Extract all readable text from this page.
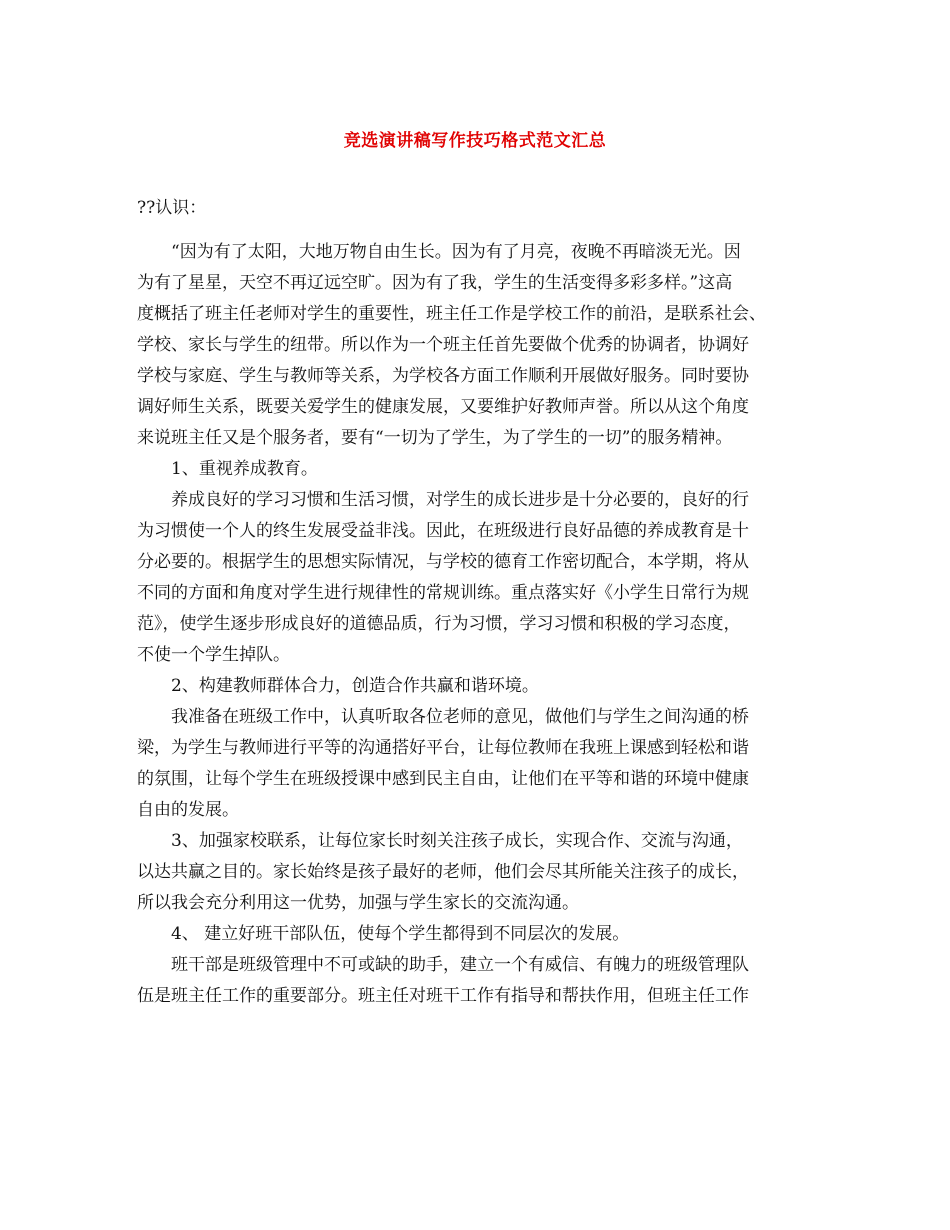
竞选演讲稿写作技巧格式范文汇总
??认识：
“因为有了太阳，大地万物自由生长。因为有了月亮，夜晚不再暗淡无光。因
为有了星星，天空不再辽远空旷。因为有了我，学生的生活变得多彩多样。”这高
度概括了班主任老师对学生的重要性，班主任工作是学校工作的前沿，是联系社会、
学校、家长与学生的纽带。所以作为一个班主任首先要做个优秀的协调者，协调好
学校与家庭、学生与教师等关系，为学校各方面工作顺利开展做好服务。同时要协
调好师生关系，既要关爱学生的健康发展，又要维护好教师声誉。所以从这个角度
来说班主任又是个服务者，要有“一切为了学生，为了学生的一切”的服务精神。
1、重视养成教育。
养成良好的学习习惯和生活习惯，对学生的成长进步是十分必要的，良好的行
为习惯使一个人的终生发展受益非浅。因此，在班级进行良好品德的养成教育是十
分必要的。根据学生的思想实际情况，与学校的德育工作密切配合，本学期，将从
不同的方面和角度对学生进行规律性的常规训练。重点落实好《小学生日常行为规
范》，使学生逐步形成良好的道德品质，行为习惯，学习习惯和积极的学习态度，
不使一个学生掉队。
2、构建教师群体合力，创造合作共赢和谐环境。
我准备在班级工作中，认真听取各位老师的意见，做他们与学生之间沟通的桥
梁，为学生与教师进行平等的沟通搭好平台，让每位教师在我班上课感到轻松和谐
的氛围，让每个学生在班级授课中感到民主自由，让他们在平等和谐的环境中健康
自由的发展。
3、加强家校联系，让每位家长时刻关注孩子成长，实现合作、交流与沟通，
以达共赢之目的。家长始终是孩子最好的老师，他们会尽其所能关注孩子的成长，
所以我会充分利用这一优势，加强与学生家长的交流沟通。
4、 建立好班干部队伍，使每个学生都得到不同层次的发展。
班干部是班级管理中不可或缺的助手，建立一个有威信、有魄力的班级管理队
伍是班主任工作的重要部分。班主任对班干工作有指导和帮扶作用，但班主任工作
